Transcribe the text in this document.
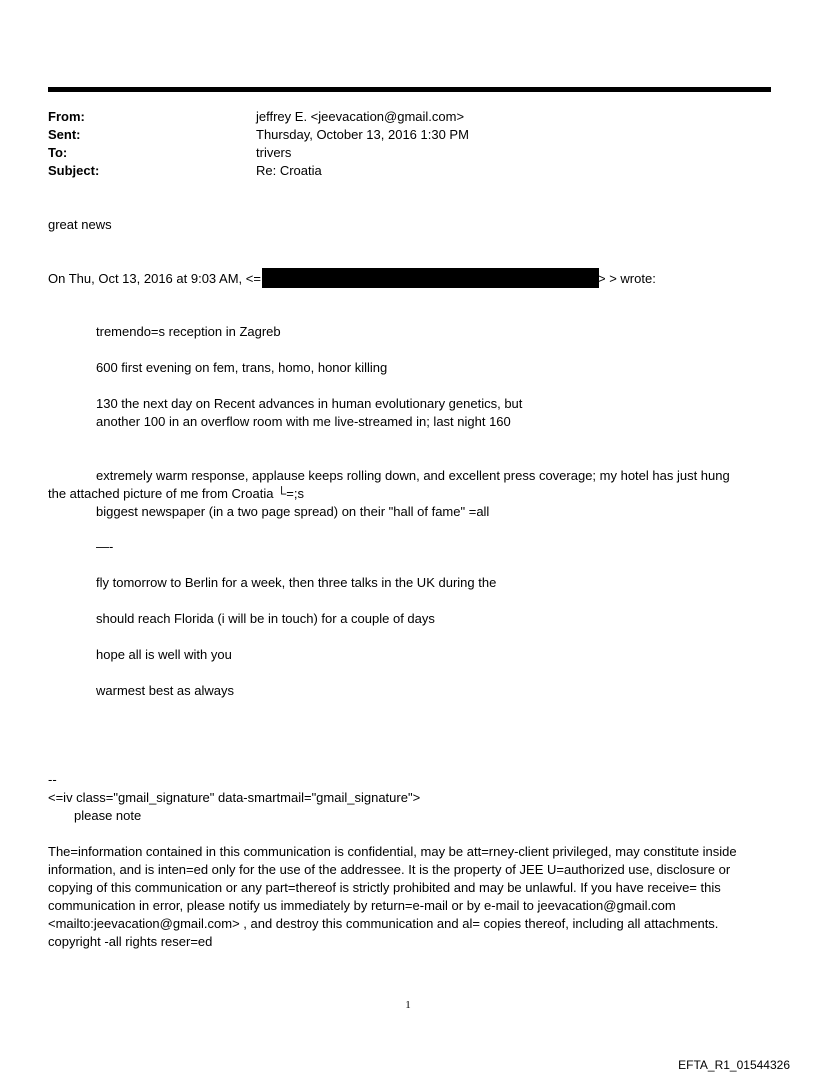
From:	jeffrey E. <jeevacation@gmail.com>
Sent:	Thursday, October 13, 2016 1:30 PM
To:	trivers
Subject:	Re: Croatia
great news
On Thu, Oct 13, 2016 at 9:03 AM, <=	> > wrote:
tremendo=s reception in Zagreb
600 first evening on fem, trans, homo, honor killing
130 the next day on Recent advances in human evolutionary genetics, but
another 100 in an overflow room with me live-streamed in; last night 160
extremely warm response, applause keeps rolling down, and excellent press coverage; my hotel has just hung
the attached picture of me from Croatia └=;s
biggest newspaper (in a two page spread) on their "hall of fame" =all
—-
fly tomorrow to Berlin for a week, then three talks in the UK during the
should reach Florida (i will be in touch) for a couple of days
hope all is well with you
warmest best as always
--
<=iv class="gmail_signature" data-smartmail="gmail_signature">
please note
The=information contained in this communication is confidential, may be att=rney-client privileged, may constitute inside information, and is inten=ed only for the use of the addressee. It is the property of JEE U=authorized use, disclosure or copying of this communication or any part=thereof is strictly prohibited and may be unlawful. If you have receive= this communication in error, please notify us immediately by return=e-mail or by e-mail to jeevacation@gmail.com <mailto:jeevacation@gmail.com> , and destroy this communication and al= copies thereof, including all attachments. copyright -all rights reser=ed
1
EFTA_R1_01544326
